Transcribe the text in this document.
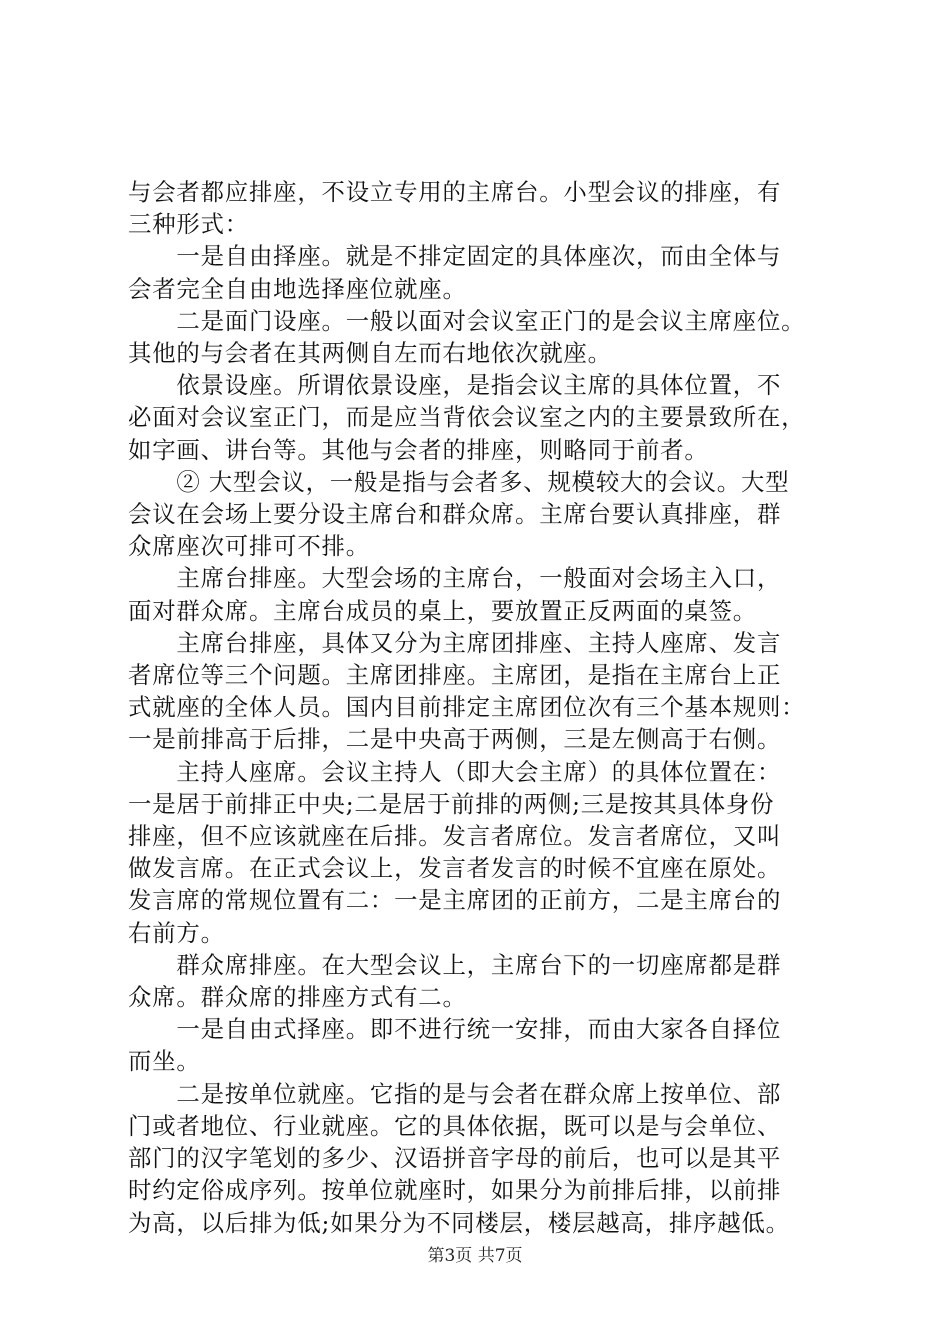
与会者都应排座，不设立专用的主席台。小型会议的排座，有
三种形式：

　　一是自由择座。就是不排定固定的具体座次，而由全体与
会者完全自由地选择座位就座。

　　二是面门设座。一般以面对会议室正门的是会议主席座位。
其他的与会者在其两侧自左而右地依次就座。

　　依景设座。所谓依景设座，是指会议主席的具体位置，不
必面对会议室正门，而是应当背依会议室之内的主要景致所在，
如字画、讲台等。其他与会者的排座，则略同于前者。

　　② 大型会议，一般是指与会者多、规模较大的会议。大型
会议在会场上要分设主席台和群众席。主席台要认真排座，群
众席座次可排可不排。

　　主席台排座。大型会场的主席台，一般面对会场主入口，
面对群众席。主席台成员的桌上，要放置正反两面的桌签。

　　主席台排座，具体又分为主席团排座、主持人座席、发言
者席位等三个问题。主席团排座。主席团，是指在主席台上正
式就座的全体人员。国内目前排定主席团位次有三个基本规则：
一是前排高于后排，二是中央高于两侧，三是左侧高于右侧。

　　主持人座席。会议主持人（即大会主席）的具体位置在：
一是居于前排正中央;二是居于前排的两侧;三是按其具体身份
排座，但不应该就座在后排。发言者席位。发言者席位，又叫
做发言席。在正式会议上，发言者发言的时候不宜座在原处。
发言席的常规位置有二：一是主席团的正前方，二是主席台的
右前方。

　　群众席排座。在大型会议上，主席台下的一切座席都是群
众席。群众席的排座方式有二。

　　一是自由式择座。即不进行统一安排，而由大家各自择位
而坐。

　　二是按单位就座。它指的是与会者在群众席上按单位、部
门或者地位、行业就座。它的具体依据，既可以是与会单位、
部门的汉字笔划的多少、汉语拼音字母的前后，也可以是其平
时约定俗成序列。按单位就座时，如果分为前排后排，以前排
为高，以后排为低;如果分为不同楼层，楼层越高，排序越低。

第3页 共7页
